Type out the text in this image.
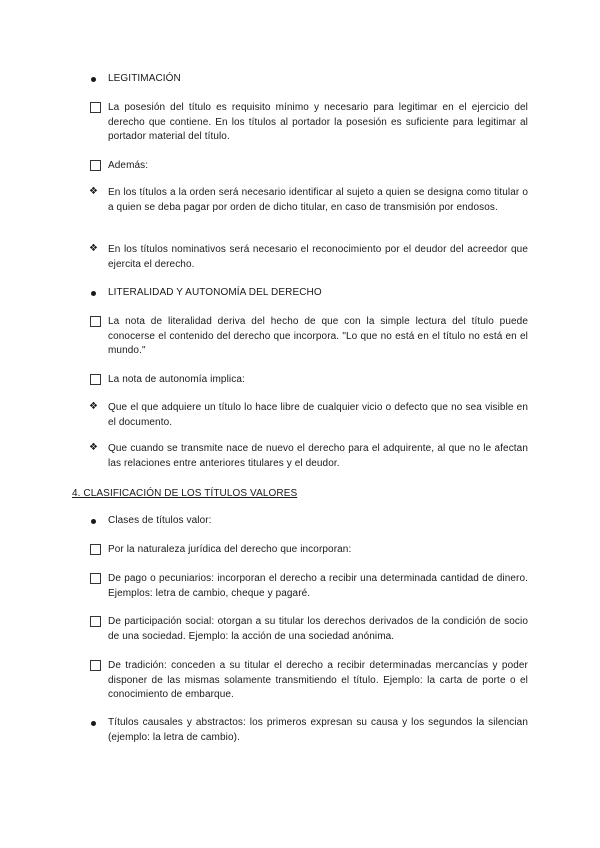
LEGITIMACIÓN
La posesión del título es requisito mínimo y necesario para legitimar en el ejercicio del derecho que contiene. En los títulos al portador la posesión es suficiente para legitimar al portador material del título.
Además:
❖ En los títulos a la orden será necesario identificar al sujeto a quien se designa como titular o a quien se deba pagar por orden de dicho titular, en caso de transmisión por endosos.
❖ En los títulos nominativos será necesario el reconocimiento por el deudor del acreedor que ejercita el derecho.
LITERALIDAD Y AUTONOMÍA DEL DERECHO
La nota de literalidad deriva del hecho de que con la simple lectura del título puede conocerse el contenido del derecho que incorpora. "Lo que no está en el título no está en el mundo."
La nota de autonomía implica:
❖ Que el que adquiere un título lo hace libre de cualquier vicio o defecto que no sea visible en el documento.
❖ Que cuando se transmite nace de nuevo el derecho para el adquirente, al que no le afectan las relaciones entre anteriores titulares y el deudor.
4. CLASIFICACIÓN DE LOS TÍTULOS VALORES
Clases de títulos valor:
Por la naturaleza jurídica del derecho que incorporan:
De pago o pecuniarios: incorporan el derecho a recibir una determinada cantidad de dinero. Ejemplos: letra de cambio, cheque y pagaré.
De participación social: otorgan a su titular los derechos derivados de la condición de socio de una sociedad. Ejemplo: la acción de una sociedad anónima.
De tradición: conceden a su titular el derecho a recibir determinadas mercancías y poder disponer de las mismas solamente transmitiendo el título. Ejemplo: la carta de porte o el conocimiento de embarque.
Títulos causales y abstractos: los primeros expresan su causa y los segundos la silencian (ejemplo: la letra de cambio).
